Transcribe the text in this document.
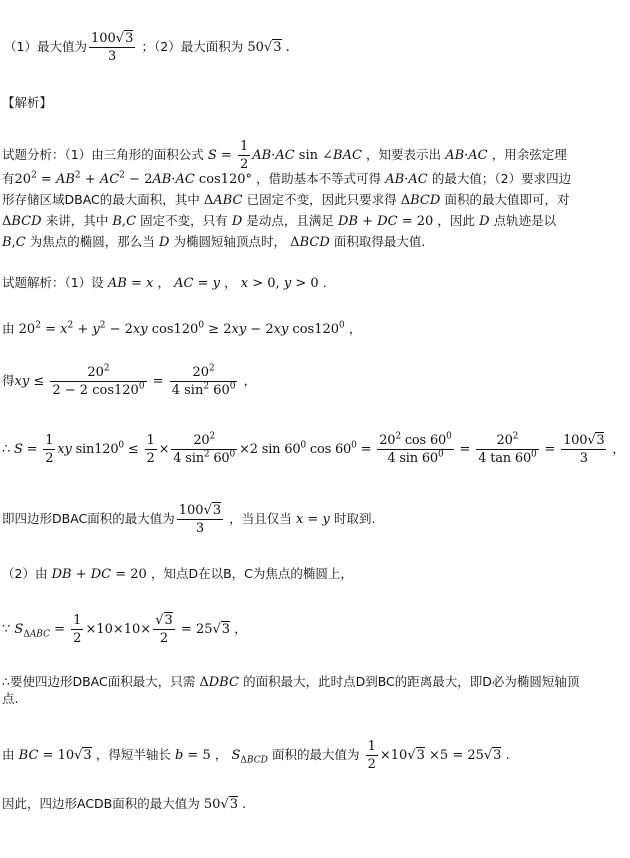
（1）最大值为 $\frac{100√3}{3}$ ；（2）最大面积为 50√3 .
【解析】
试题分析：（1）由三角形的面积公式 $S = \frac{1}{2} AB\cdot AC$ sin ∠BAC ，知要表示出 AB·AC ，用余弦定理
有$20^2 = AB^2 + AC^2 - 2AB\cdot AC$ cos120° ，借助基本不等式可得 AB·AC 的最大值；（2）要求四边
形存储区域DBAC的最大面积，其中 ΔABC 已固定不变，因此只要求得 ΔBCD 面积的最大值即可，对
ΔBCD 来讲，其中 B,C 固定不变，只有 D 是动点，且满足 DB + DC = 20 ，因此 D 点轨迹是以
B,C 为焦点的椭圆，那么当 D 为椭圆短轴顶点时， ΔBCD 面积取得最大值.
试题解析：（1）设 AB = x ， AC = y ， x > 0, y > 0 .
由 $20^2 = x^2 + y^2 - 2xy$ $\cos 120^0 \ge 2xy - 2xy$ $\cos 120^0$ ，
得xy ≤ $\frac{20^2}{2 - 2 \cos 120^0} = \frac{20^2}{4 \sin^2 60^0}$ ，
∴ $S = \frac{1}{2}$ xy $\sin 120^0 \le \frac{1}{2} \times \frac{20^2}{4 \sin^2 60^0} \times 2$ $\sin 60^0$ $\cos 60^0 = \frac{20^2 \cos 60^0}{4 \sin 60^0} = \frac{20^2}{4 \tan 60^0} = \frac{100√3}{3}$ ，
即四边形DBAC面积的最大值为 $\frac{100√3}{3}$ ，当且仅当 x = y 时取到.
（2）由 DB + DC = 20 ，知点D在以B，C为焦点的椭圆上，
∵ $S_{\Delta ABC} = \frac{1}{2} \times 10\times 10\times \frac{√3}{2} = 25√3$ ，
∴要使四边形DBAC面积最大，只需 ΔDBC 的面积最大，此时点D到BC的距离最大，即D必为椭圆短轴顶
点.
由 BC = 10√3 ，得短半轴长 b = 5 ， $S_{\Delta BCD}$ 面积的最大值为 $\frac{1}{2} \times 10√3 \times 5 = 25√3$ .
因此，四边形ACDB面积的最大值为 50√3 .
